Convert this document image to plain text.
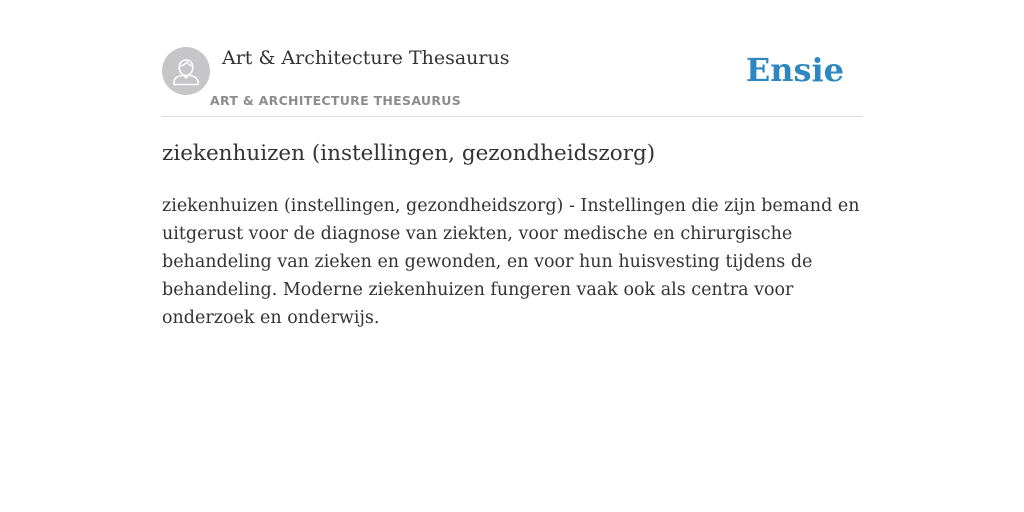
Art & Architecture Thesaurus
ART & ARCHITECTURE THESAURUS
Ensie
ziekenhuizen (instellingen, gezondheidszorg)

ziekenhuizen (instellingen, gezondheidszorg) - Instellingen die zijn bemand en uitgerust voor de diagnose van ziekten, voor medische en chirurgische behandeling van zieken en gewonden, en voor hun huisvesting tijdens de behandeling. Moderne ziekenhuizen fungeren vaak ook als centra voor onderzoek en onderwijs.
